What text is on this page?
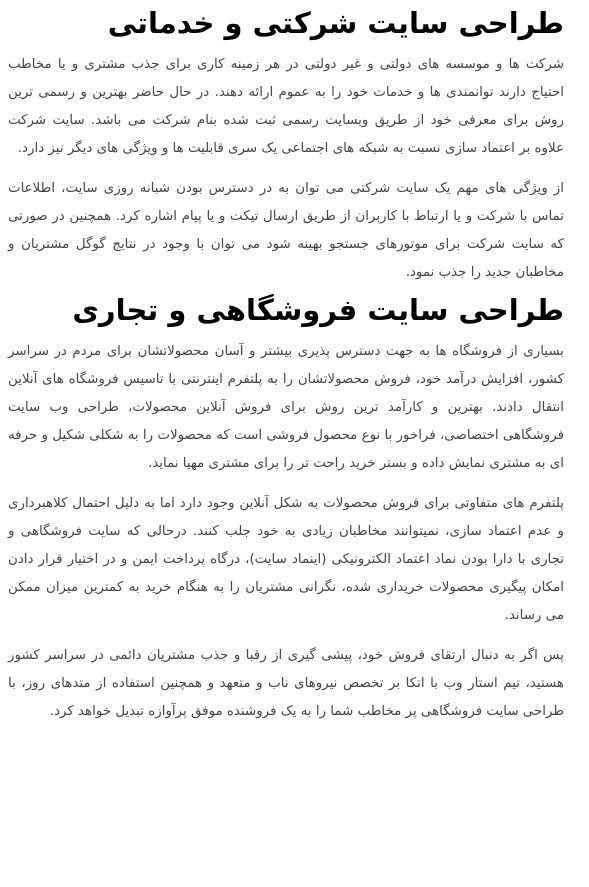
طراحی سایت شرکتی و خدماتی

شرکت ها و موسسه های دولتی و غیر دولتی در هر زمینه کاری برای جذب مشتری و یا مخاطب احتیاج دارند توانمندی ها و خدمات خود را به عموم ارائه دهند. در حال حاضر بهترین و رسمی ترین روش برای معرفی خود از طریق وبسایت رسمی ثبت شده بنام شرکت می باشد. سایت شرکت علاوه بر اعتماد سازی نسبت به شبکه های اجتماعی یک سری قابلیت ها و ویژگی های دیگر نیز دارد.

از ویژگی های مهم یک سایت شرکتی می توان به در دسترس بودن شبانه روزی سایت، اطلاعات تماس با شرکت و یا ارتباط با کاربران از طریق ارسال تیکت و یا پیام اشاره کرد. همچنین در صورتی که سایت شرکت برای موتورهای جستجو بهینه شود می توان با وجود در نتایج گوگل مشتریان و مخاطبان جدید را جذب نمود.

طراحی سایت فروشگاهی و تجاری

بسیاری از فروشگاه ها به جهت دسترس پذیری بیشتر و آسان محصولاتشان برای مردم در سراسر کشور، افزایش درآمد خود، فروش محصولاتشان را به پلتفرم اینترنتی با تاسیس فروشگاه های آنلاین انتقال دادند. بهترین و کارآمد ترین روش برای فروش آنلاین محصولات، طراحی وب سایت فروشگاهی اختصاصی، فراخور با نوع محصول فروشی است که محصولات را به شکلی شکیل و حرفه ای به مشتری نمایش داده و بستر خرید راحت تر را برای مشتری مهیا نماید.

پلتفرم های متفاوتی برای فروش محصولات به شکل آنلاین وجود دارد اما به دلیل احتمال کلاهبرداری و عدم اعتماد سازی، نمیتوانند مخاطبان زیادی به خود جلب کنند. درحالی که سایت فروشگاهی و تجاری با دارا بودن نماد اعتماد الکترونیکی (اینماد سایت)، درگاه پرداخت ایمن و در اختیار قرار دادن امکان پیگیری محصولات خریداری شده، نگرانی مشتریان را به هنگام خرید به کمترین میزان ممکن می رساند.

پس اگر به دنبال ارتقای فروش خود، پیشی گیری از رقبا و جذب مشتریان دائمی در سراسر کشور هستید، تیم استار وب با اتکا بر تخصص نیروهای ناب و متعهد و همچنین استفاده از متدهای روز، با طراحی سایت فروشگاهی پر مخاطب شما را به یک فروشنده موفق پرآوازه تبدیل خواهد کرد.
